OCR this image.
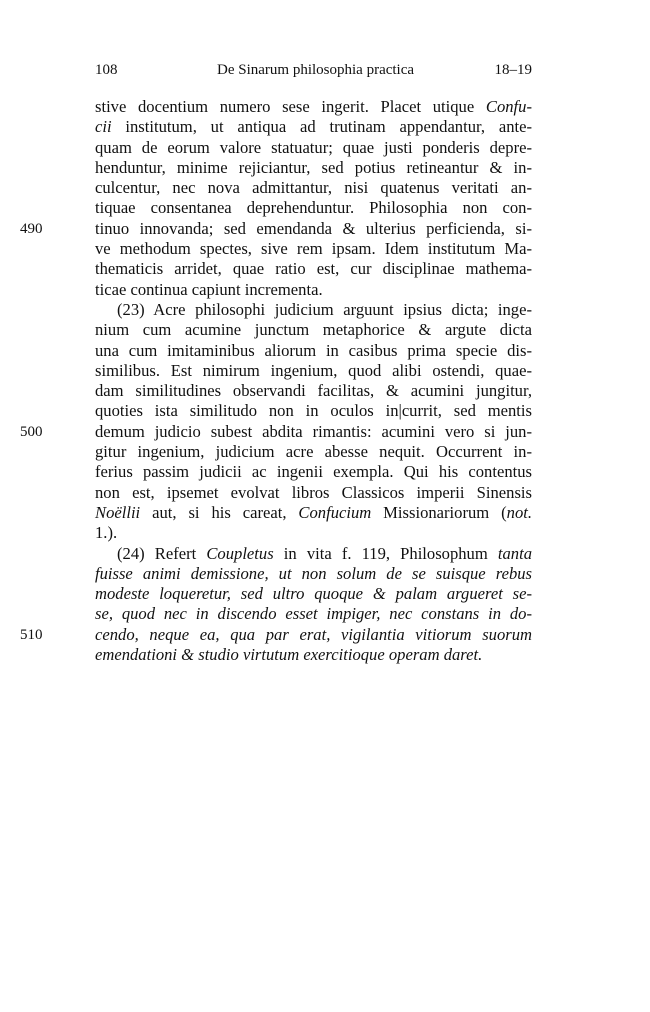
108	De Sinarum philosophia practica	18–19
stive docentium numero sese ingerit. Placet utique Confu-
cii institutum, ut antiqua ad trutinam appendantur, ante-
quam de eorum valore statuatur; quae justi ponderis depre-
henduntur, minime rejiciantur, sed potius retineantur & in-
culcentur, nec nova admittantur, nisi quatenus veritati an-
tiquae consentanea deprehenduntur. Philosophia non con-
490	tinuo innovanda; sed emendanda & ulterius perficienda, si-
ve methodum spectes, sive rem ipsam. Idem institutum Ma-
thematicis arridet, quae ratio est, cur disciplinae mathema-
ticae continua capiunt incrementa.
(23) Acre philosophi judicium arguunt ipsius dicta; inge-
nium cum acumine junctum metaphorice & argute dicta
una cum imitaminibus aliorum in casibus prima specie dis-
similibus. Est nimirum ingenium, quod alibi ostendi, quae-
dam similitudines observandi facilitas, & acumini jungitur,
quoties ista similitudo non in oculos in|currit, sed mentis
500	demum judicio subest abdita rimantis: acumini vero si jun-
gitur ingenium, judicium acre abesse nequit. Occurrent in-
ferius passim judicii ac ingenii exempla. Qui his contentus
non est, ipsemet evolvat libros Classicos imperii Sinensis
Noëllii aut, si his careat, Confucium Missionariorum (not.
1.).
(24) Refert Coupletus in vita f. 119, Philosophum tanta
fuisse animi demissione, ut non solum de se suisque rebus
modeste loqueretur, sed ultro quoque & palam argueret se-
se, quod nec in discendo esset impiger, nec constans in do-
510	cendo, neque ea, qua par erat, vigilantia vitiorum suorum
emendationi & studio virtutum exercitioque operam daret.
